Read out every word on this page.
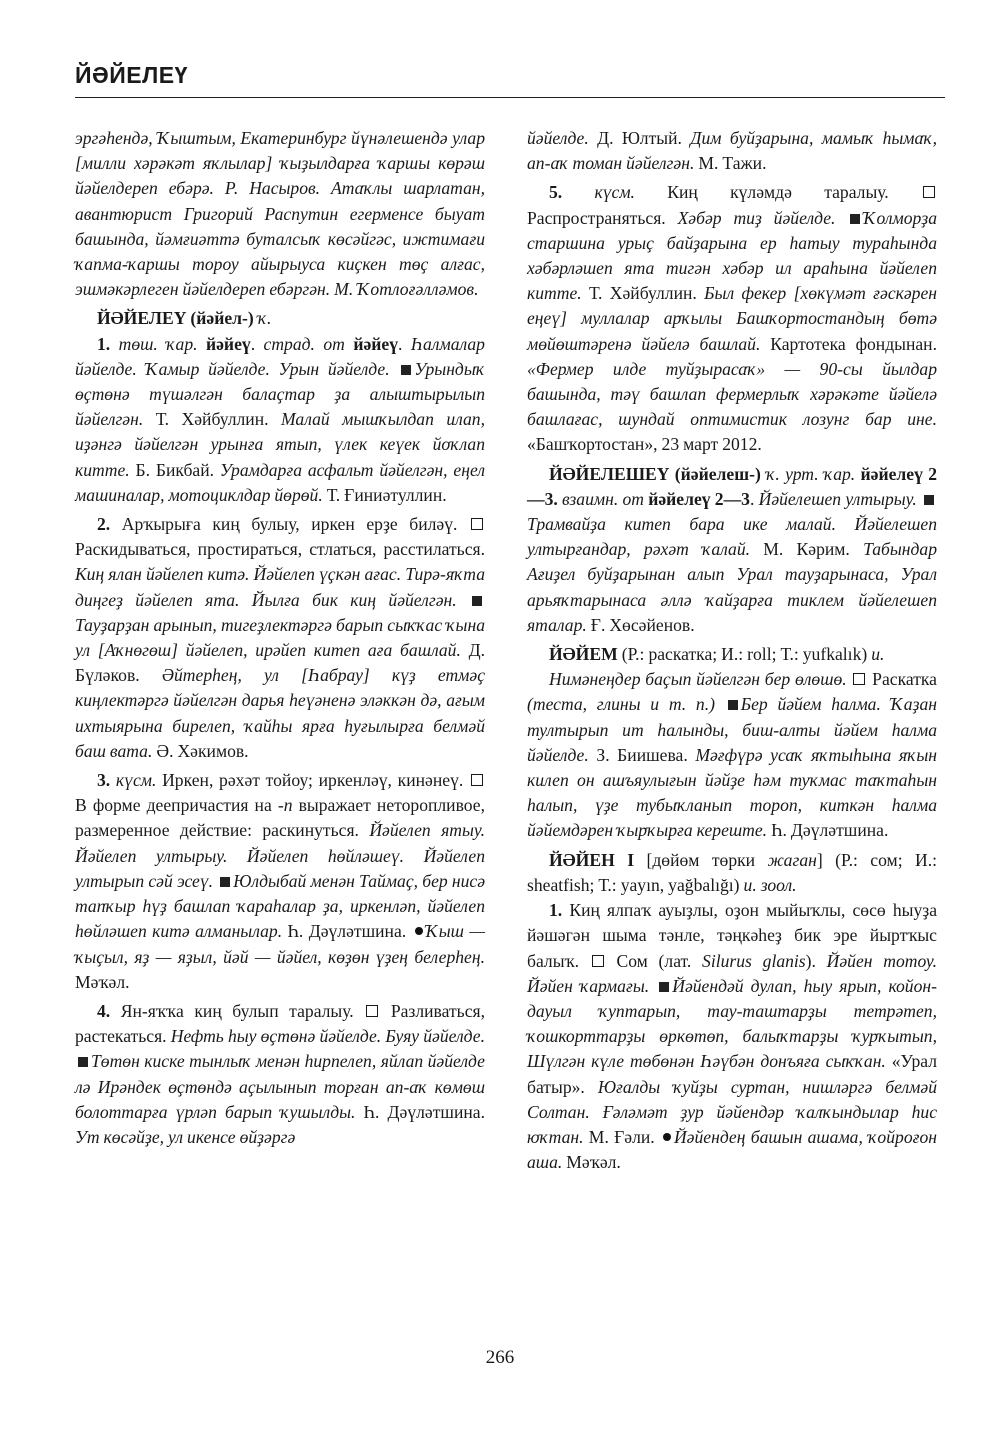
ЙӘЙЕЛЕҮ

эргәһендә, Ҡыштым, Екатеринбург йүнәлешендә улар [милли хәрәкәт яҡлылар] ҡыҙылдарға ҡаршы көрәш йәйелдереп ебәрә. Р. Насыров. Атаҡлы шарлатан, авантюрист Григорий Распутин егерменсе быуат башында, йәмғиәттә буталсыҡ көсәйгәс, ижтимағи ҡапма-ҡаршы тороу айырыуса киҫкен төҫ алғас, эшмәкәрлеген йәйелдереп ебәргән. М. Ҡотлоғәлләмов.

ЙӘЙЕЛЕҮ (йәйел-) ҡ.

1. төш. ҡар. йәйеү. страд. от йәйеү. Һалмалар йәйелде. Ҡамыр йәйелде. Урын йәйелде. Урындыҡ өҫтөнә түшәлгән балаҫтар ҙа алыштырылып йәйелгән. Т. Хәйбуллин. Малай мышҡылдап илап, иҙәнгә йәйелгән урынға ятып, үлек кеүек йоҡлап китте. Б. Бикбай. Урамдарға асфальт йәйелгән, еңел машиналар, мотоциклдар йөрөй. Т. Ғиниәтуллин.

2. Арҡырыға киң булыу, иркен ерҙе биләү.  Раскидываться, простираться, стлаться, расстилаться. Киң ялан йәйелеп китә. Йәйелеп үҫкән ағас. Тирә-яҡта диңгеҙ йәйелеп ята. Йылға бик киң йәйелгән. Тауҙарҙан арынып, тигеҙлектәргә барып сыҡҡас ҡына ул [Аҡнөгөш] йәйелеп, ирәйеп китеп аға башлай. Д. Бүләков. Әйтерһең, ул [Һабрау] күҙ етмәҫ киңлектәргә йәйелгән дарья һеүәненә эләккән дә, ағым ихтыярына бирелеп, ҡайһы ярға һуғылырға белмәй баш вата. Ә. Хәкимов.

3. күсм. Иркен, рәхәт тойоу; иркенләү, кинәнеү.  В форме деепричастия на -п выражает неторопливое, размеренное действие: раскинуться. Йәйелеп ятыу. Йәйелеп ултырыу. Йәйелеп һөйләшеү. Йәйелеп ултырып сәй эсеү. Юлдыбай менән Таймаҫ, бер нисә тапҡыр һүҙ башлап ҡараһалар ҙа, иркенләп, йәйелеп һөйләшеп китә алманылар. Һ. Дәүләтшина. Ҡыш — ҡыҫыл, яҙ — яҙыл, йәй — йәйел, көҙөн үҙең белерһең. Мәҡәл.

4. Ян-яҡҡа киң булып таралыу.  Разливаться, растекаться. Нефть һыу өҫтөнә йәйелде. Буяу йәйелде. Төтөн киске тынлыҡ менән һирпелеп, яйлап йәйелде лә Ирәндек өҫтөндә аҫылынып торған ап-аҡ көмөш болоттарға үрләп барып ҡушылды. Һ. Дәүләтшина. Ут көсәйҙе, ул икенсе өйҙәргә

йәйелде. Д. Юлтый. Дим буйҙарына, мамыҡ һымаҡ, ап-аҡ томан йәйелгән. М. Тажи.

5. күсм. Киң күләмдә таралыу.  Распространяться. Хәбәр тиҙ йәйелде. Ҡолморҙа старшина урыҫ байҙарына ер һатыу тураһында хәбәрләшеп ята тигән хәбәр ил араһына йәйелеп китте. Т. Хәйбуллин. Был фекер [хөкүмәт ғәскәрен еңеү] муллалар арҡылы Башҡортостандың бөтә мөйөштәренә йәйелә башлай. Картотека фондынан. «Фермер илде туйҙырасаҡ» — 90-сы йылдар башында, тәү башлап фермерлыҡ хәрәкәте йәйелә башлағас, шундай оптимистик лозунг бар ине. «Башҡортостан», 23 март 2012.

ЙӘЙЕЛЕШЕҮ (йәйелеш-) ҡ. урт. ҡар. йәйелеү 2—3. взаимн. от йәйелеү 2—3. Йәйелешеп ултырыу. Трамвайҙа китеп бара ике малай. Йәйелешеп ултырғандар, рәхәт ҡалай. М. Кәрим. Табындар Ағиҙел буйҙарынан алып Урал тауҙарынаса, Урал арьяҡтарынаса әллә ҡайҙарға тиклем йәйелешеп яталар. Ғ. Хөсәйенов.

ЙӘЙЕМ (Р.: раскатка; И.: roll; Т.: yufkalık) и.

Нимәнеңдер баҫып йәйелгән бер өлөшө.  Раскатка (теста, глины и т. п.) Бер йәйем һалма. Ҡаҙан тултырып ит һалынды, биш-алты йәйем һалма йәйелде. З. Биишева. Мәғфүрә усаҡ яҡтыһына яҡын килеп он ашъяулығын йәйҙе һәм туҡмас таҡтаһын һалып, үҙе тубыҡланып тороп, киткән һалма йәйемдәрен ҡырҡырға кереште. Һ. Дәүләтшина.

ЙӘЙЕН I [дөйөм төрки жаган] (Р.: сом; И.: sheatfish; Т.: yayın, yağbalığı) и. зоол.

1. Киң ялпаҡ ауыҙлы, оҙон мыйыҡлы, сөсө һыуҙа йәшәгән шыма тәнле, тәңкәһеҙ бик эре йыртҡыс балыҡ.  Сом (лат. Silurus glanis). Йәйен тотоу. Йәйен ҡармағы. Йәйендәй дулап, һыу ярып, койон-дауыл ҡуптарып, тау-таштарҙы тетрәтеп, ҡошкорттарҙы өркөтөп, балыҡтарҙы ҡурҡытып, Шүлгән күле төбөнән Һәүбән донъяға сыҡҡан. «Урал батыр». Юғалды ҡуйҙы суртан, нишләргә белмәй Солтан. Ғәләмәт ҙур йәйендәр ҡалҡындылар һис юҡтан. М. Ғәли. Йәйендең башын ашама, ҡойроғон аша. Мәҡәл.

266
